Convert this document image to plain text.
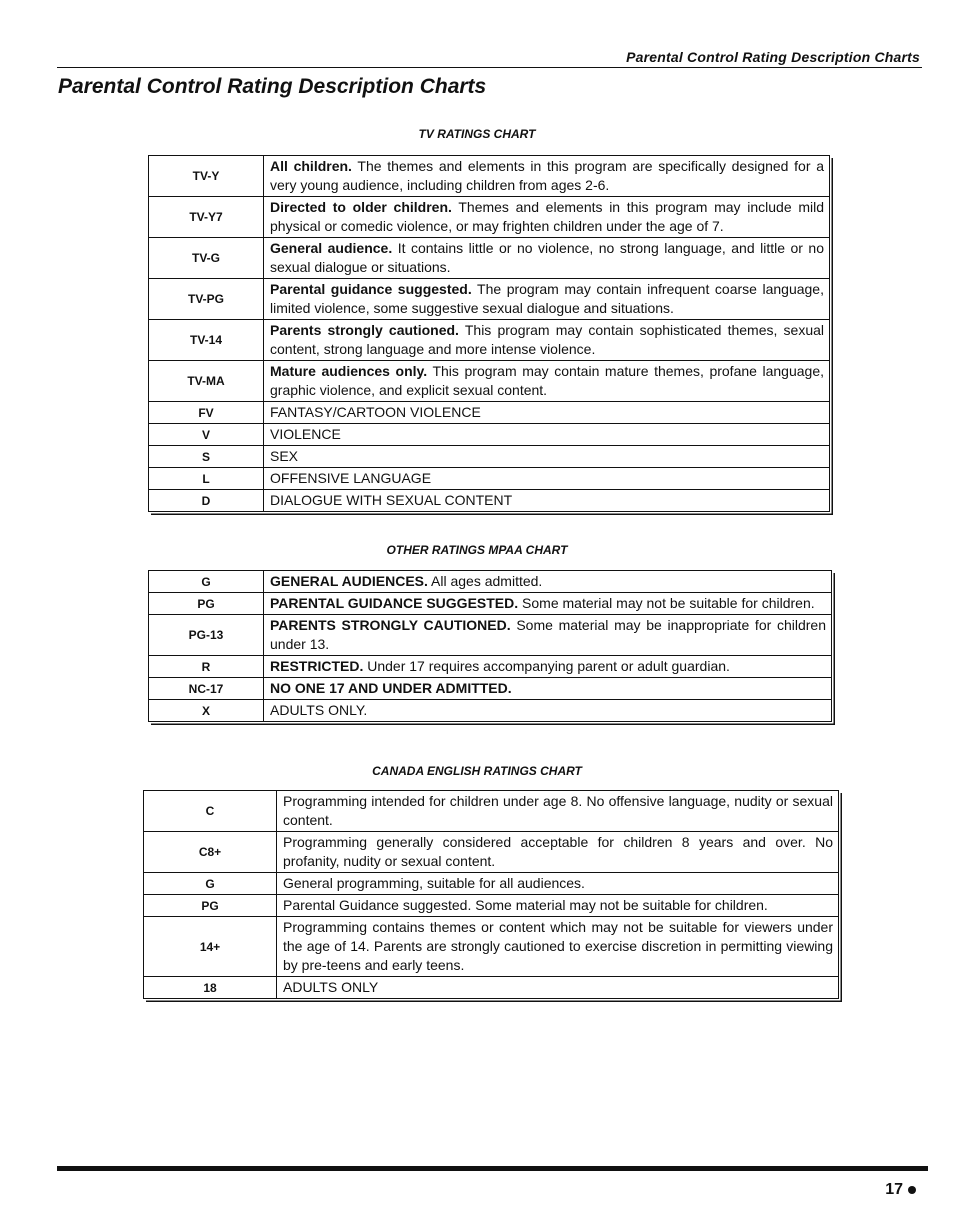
Parental Control Rating Description Charts
Parental Control Rating Description Charts
TV RATINGS CHART
TV-Y	All children. The themes and elements in this program are specifically designed for a very young audience, including children from ages 2-6.
TV-Y7	Directed to older children. Themes and elements in this program may include mild physical or comedic violence, or may frighten children under the age of 7.
TV-G	General audience. It contains little or no violence, no strong language, and little or no sexual dialogue or situations.
TV-PG	Parental guidance suggested. The program may contain infrequent coarse language, limited violence, some suggestive sexual dialogue and situations.
TV-14	Parents strongly cautioned. This program may contain sophisticated themes, sexual content, strong language and more intense violence.
TV-MA	Mature audiences only. This program may contain mature themes, profane language, graphic violence, and explicit sexual content.
FV	FANTASY/CARTOON VIOLENCE
V	VIOLENCE
S	SEX
L	OFFENSIVE LANGUAGE
D	DIALOGUE WITH SEXUAL CONTENT
OTHER RATINGS MPAA CHART
G	GENERAL AUDIENCES. All ages admitted.
PG	PARENTAL GUIDANCE SUGGESTED. Some material may not be suitable for children.
PG-13	PARENTS STRONGLY CAUTIONED. Some material may be inappropriate for children under 13.
R	RESTRICTED. Under 17 requires accompanying parent or adult guardian.
NC-17	NO ONE 17 AND UNDER ADMITTED.
X	ADULTS ONLY.
CANADA ENGLISH RATINGS CHART
C	Programming intended for children under age 8. No offensive language, nudity or sexual content.
C8+	Programming generally considered acceptable for children 8 years and over. No profanity, nudity or sexual content.
G	General programming, suitable for all audiences.
PG	Parental Guidance suggested. Some material may not be suitable for children.
14+	Programming contains themes or content which may not be suitable for viewers under the age of 14. Parents are strongly cautioned to exercise discretion in permitting viewing by pre-teens and early teens.
18	ADULTS ONLY
17
